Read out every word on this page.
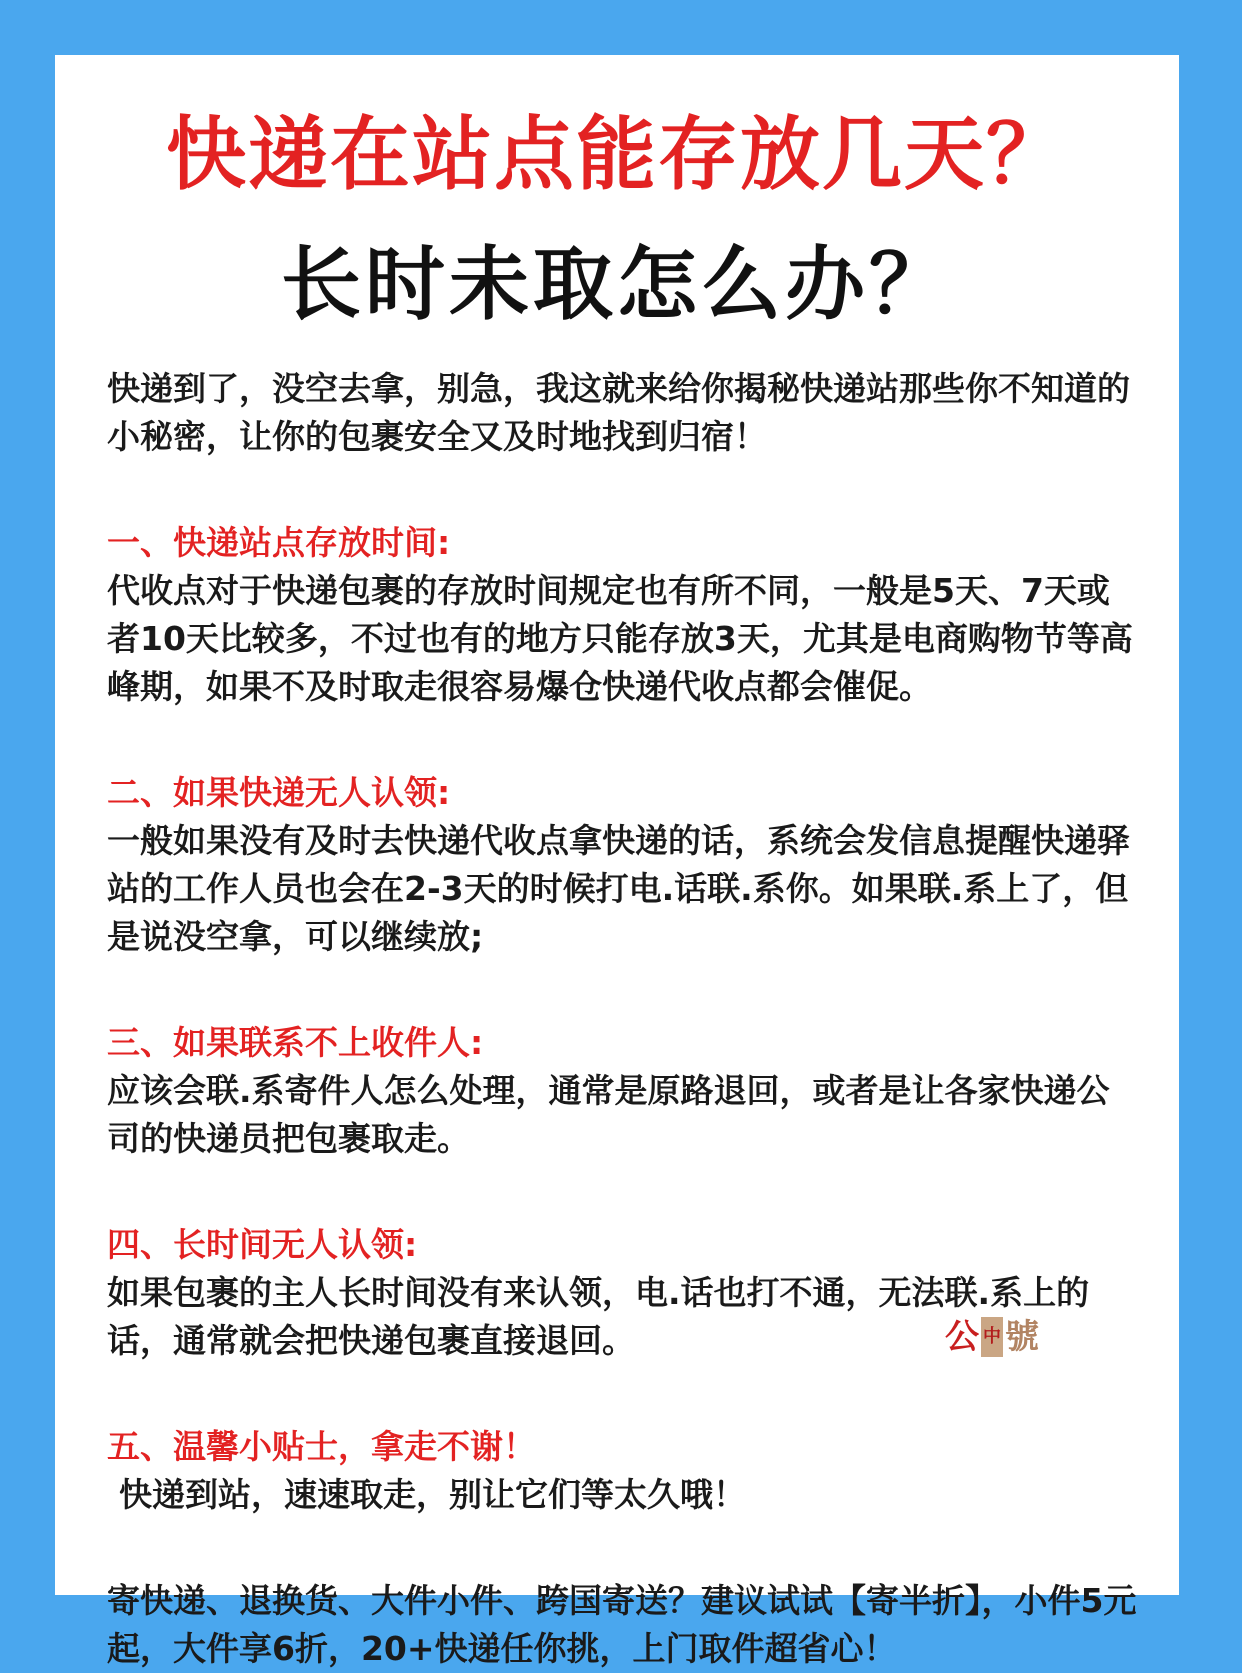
快递在站点能存放几天？
长时未取怎么办？

快递到了，没空去拿，别急，我这就来给你揭秘快递站那些你不知道的小秘密，让你的包裹安全又及时地找到归宿！

一、快递站点存放时间:

代收点对于快递包裹的存放时间规定也有所不同，一般是5天、7天或者10天比较多，不过也有的地方只能存放3天，尤其是电商购物节等高峰期，如果不及时取走很容易爆仓快递代收点都会催促。

二、如果快递无人认领:

一般如果没有及时去快递代收点拿快递的话，系统会发信息提醒快递驿站的工作人员也会在2-3天的时候打电.话联.系你。如果联.系上了，但是说没空拿，可以继续放;

三、如果联系不上收件人:

应该会联.系寄件人怎么处理，通常是原路退回，或者是让各家快递公司的快递员把包裹取走。

四、长时间无人认领:

如果包裹的主人长时间没有来认领，电.话也打不通，无法联.系上的话，通常就会把快递包裹直接退回。

五、温馨小贴士，拿走不谢！

快递到站，速速取走，别让它们等太久哦！

寄快递、退换货、大件小件、跨国寄送？建议试试【寄半折】，小件5元起，大件享6折，20+快递任你挑，上门取件超省心！

公 中 號
